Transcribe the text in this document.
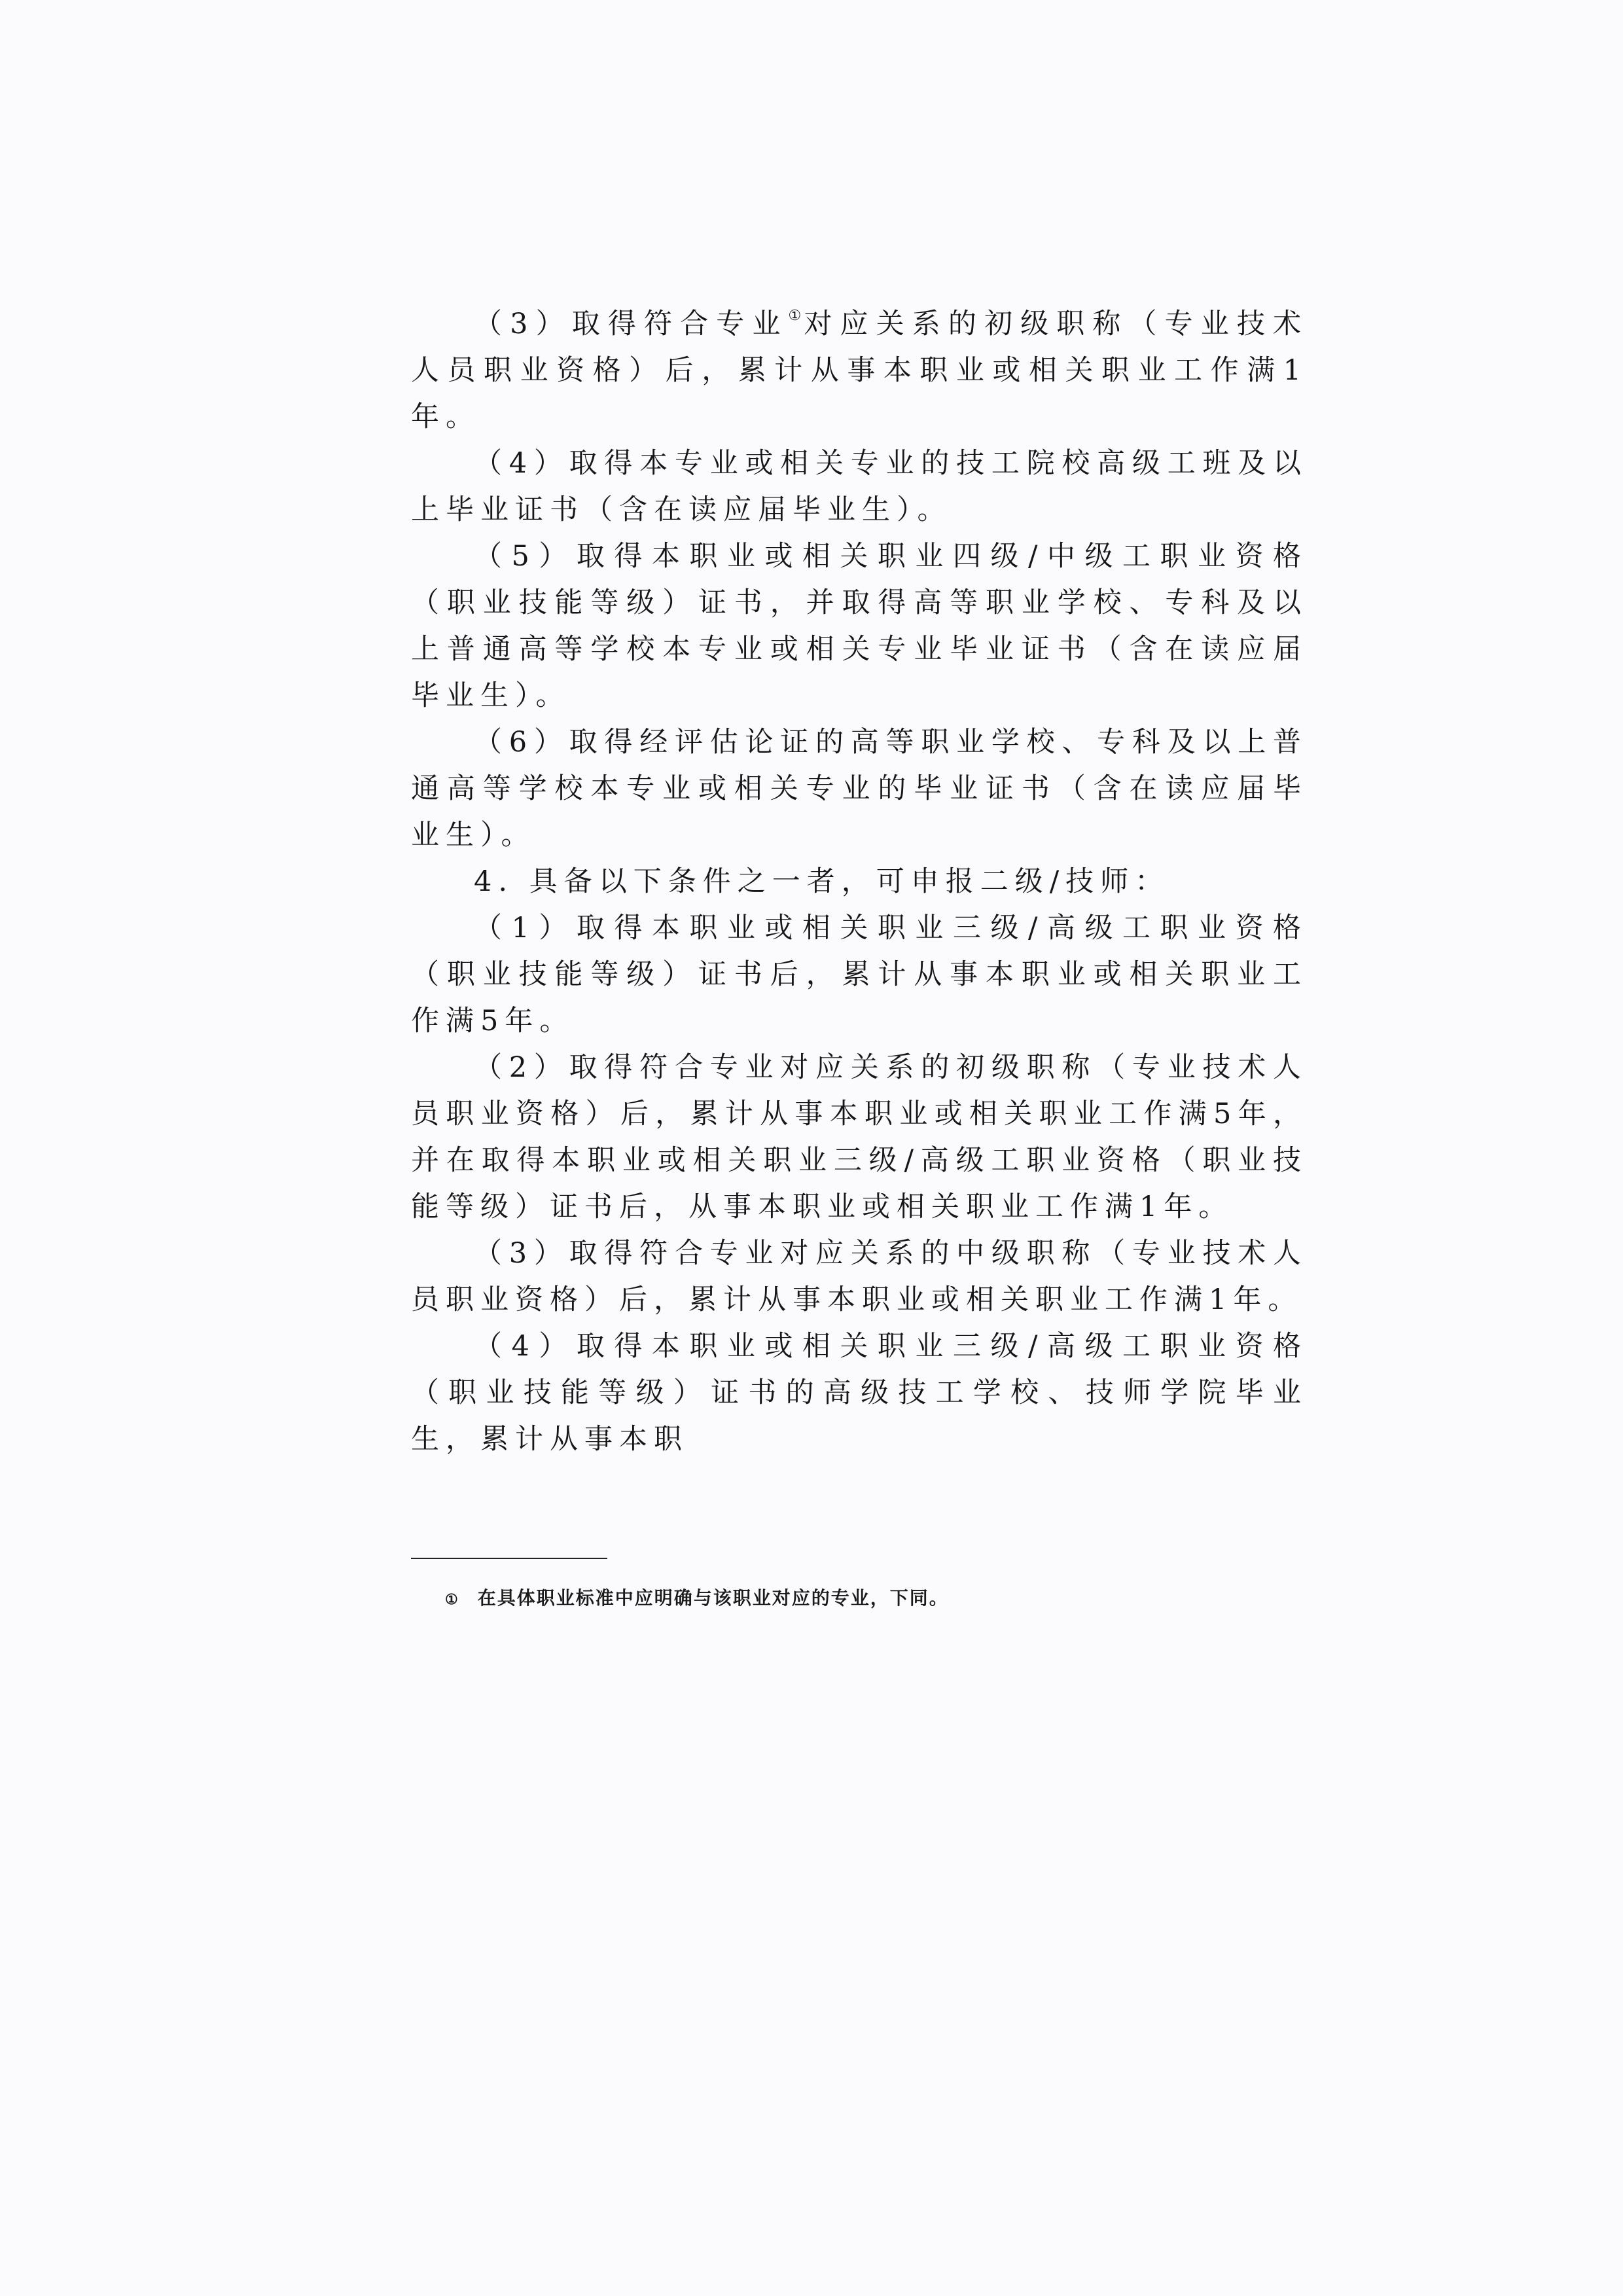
（3）取得符合专业①对应关系的初级职称（专业技术人员职业资格）后，累计从事本职业或相关职业工作满1年。

（4）取得本专业或相关专业的技工院校高级工班及以上毕业证书（含在读应届毕业生）。

（5）取得本职业或相关职业四级/中级工职业资格（职业技能等级）证书，并取得高等职业学校、专科及以上普通高等学校本专业或相关专业毕业证书（含在读应届毕业生）。

（6）取得经评估论证的高等职业学校、专科及以上普通高等学校本专业或相关专业的毕业证书（含在读应届毕业生）。

4. 具备以下条件之一者，可申报二级/技师：

（1）取得本职业或相关职业三级/高级工职业资格（职业技能等级）证书后，累计从事本职业或相关职业工作满5年。

（2）取得符合专业对应关系的初级职称（专业技术人员职业资格）后，累计从事本职业或相关职业工作满5年，并在取得本职业或相关职业三级/高级工职业资格（职业技能等级）证书后，从事本职业或相关职业工作满1年。

（3）取得符合专业对应关系的中级职称（专业技术人员职业资格）后，累计从事本职业或相关职业工作满1年。

（4）取得本职业或相关职业三级/高级工职业资格（职业技能等级）证书的高级技工学校、技师学院毕业生，累计从事本职

① 在具体职业标准中应明确与该职业对应的专业，下同。
